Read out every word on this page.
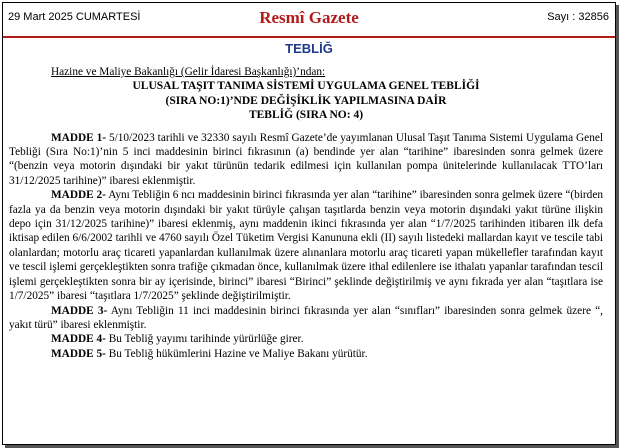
29 Mart 2025 CUMARTESİ	Resmî Gazete	Sayı : 32856
TEBLİĞ
Hazine ve Maliye Bakanlığı (Gelir İdaresi Başkanlığı)’ndan:
ULUSAL TAŞIT TANIMA SİSTEMİ UYGULAMA GENEL TEBLİĞİ
(SIRA NO:1)’NDE DEĞİŞİKLİK YAPILMASINA DAİR
TEBLİĞ (SIRA NO: 4)
MADDE 1- 5/10/2023 tarihli ve 32330 sayılı Resmî Gazete’de yayımlanan Ulusal Taşıt Tanıma Sistemi Uygulama Genel Tebliği (Sıra No:1)’nin 5 inci maddesinin birinci fıkrasının (a) bendinde yer alan “tarihine” ibaresinden sonra gelmek üzere “(benzin veya motorin dışındaki bir yakıt türünün tedarik edilmesi için kullanılan pompa ünitelerinde kullanılacak TTO’ları 31/12/2025 tarihine)” ibaresi eklenmiştir.
MADDE 2- Aynı Tebliğin 6 ncı maddesinin birinci fıkrasında yer alan “tarihine” ibaresinden sonra gelmek üzere “(birden fazla ya da benzin veya motorin dışındaki bir yakıt türüyle çalışan taşıtlarda benzin veya motorin dışındaki yakıt türüne ilişkin depo için 31/12/2025 tarihine)” ibaresi eklenmiş, aynı maddenin ikinci fıkrasında yer alan “1/7/2025 tarihinden itibaren ilk defa iktisap edilen 6/6/2002 tarihli ve 4760 sayılı Özel Tüketim Vergisi Kanununa ekli (II) sayılı listedeki mallardan kayıt ve tescile tabi olanlardan; motorlu araç ticareti yapanlardan kullanılmak üzere alınanlara motorlu araç ticareti yapan mükellefler tarafından kayıt ve tescil işlemi gerçekleştikten sonra trafiğe çıkmadan önce, kullanılmak üzere ithal edilenlere ise ithalatı yapanlar tarafından tescil işlemi gerçekleştikten sonra bir ay içerisinde, birinci” ibaresi “Birinci” şeklinde değiştirilmiş ve aynı fıkrada yer alan “taşıtlara ise 1/7/2025” ibaresi “taşıtlara 1/7/2025” şeklinde değiştirilmiştir.
MADDE 3- Aynı Tebliğin 11 inci maddesinin birinci fıkrasında yer alan “sınıfları” ibaresinden sonra gelmek üzere “, yakıt türü” ibaresi eklenmiştir.
MADDE 4- Bu Tebliğ yayımı tarihinde yürürlüğe girer.
MADDE 5- Bu Tebliğ hükümlerini Hazine ve Maliye Bakanı yürütür.
